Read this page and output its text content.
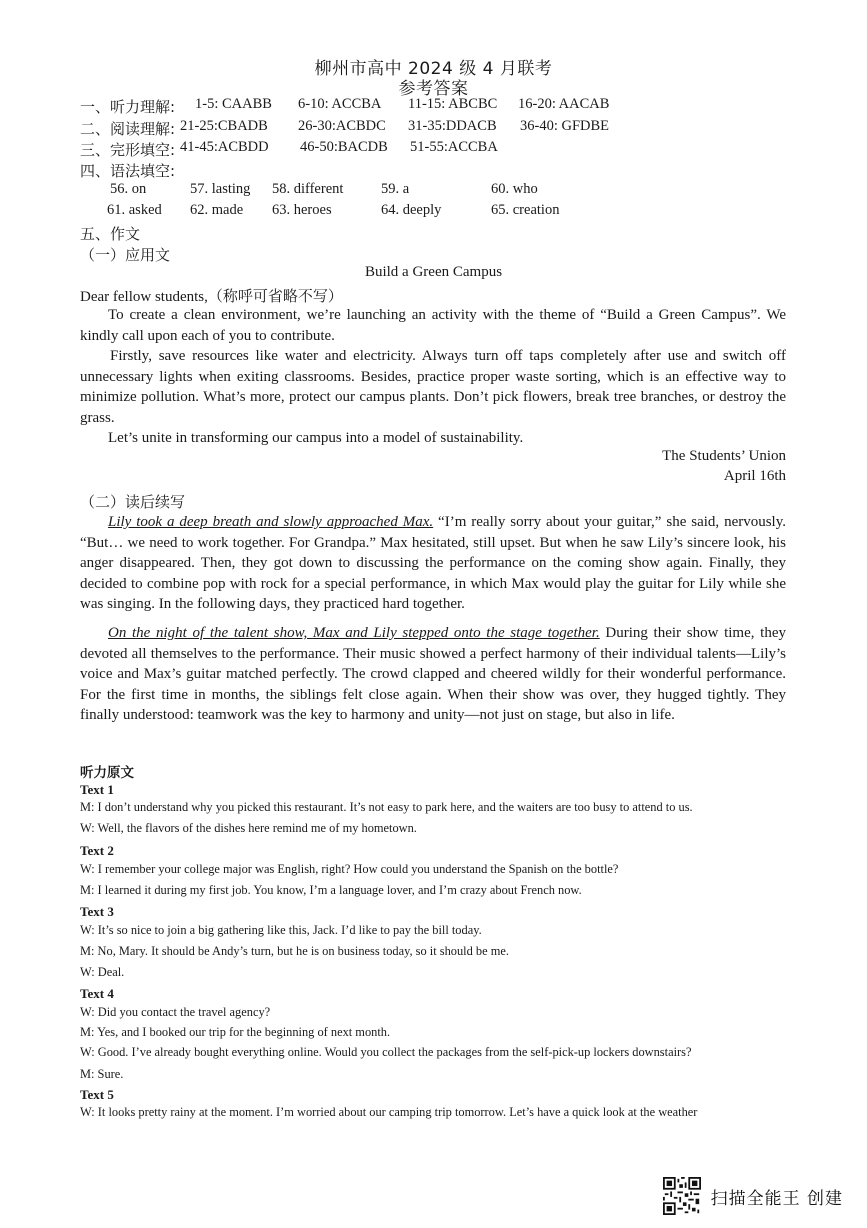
柳州市高中 2024 级 4 月联考
参考答案
一、听力理解: 1-5: CAABB 6-10: ACCBA 11-15: ABCBC 16-20: AACAB
二、阅读理解: 21-25:CBADB 26-30:ACBDC 31-35:DDACB 36-40: GFDBE
三、完形填空: 41-45:ACBDD 46-50:BACDB 51-55:ACCBA
四、语法填空:
56. on	57. lasting 58. different	59. a	60. who
61. asked 62. made 63. heroes	64. deeply	65. creation
五、作文
（一）应用文
Build a Green Campus
Dear fellow students,（称呼可省略不写）
To create a clean environment, we’re launching an activity with the theme of “Build a Green Campus”. We kindly call upon each of you to contribute.
Firstly, save resources like water and electricity. Always turn off taps completely after use and switch off unnecessary lights when exiting classrooms. Besides, practice proper waste sorting, which is an effective way to minimize pollution. What’s more, protect our campus plants. Don’t pick flowers, break tree branches, or destroy the grass.
Let’s unite in transforming our campus into a model of sustainability.
The Students’ Union
April 16th
（二）读后续写
Lily took a deep breath and slowly approached Max. “I’m really sorry about your guitar,” she said, nervously. “But… we need to work together. For Grandpa.” Max hesitated, still upset. But when he saw Lily’s sincere look, his anger disappeared. Then, they got down to discussing the performance on the coming show again. Finally, they decided to combine pop with rock for a special performance, in which Max would play the guitar for Lily while she was singing. In the following days, they practiced hard together.
On the night of the talent show, Max and Lily stepped onto the stage together. During their show time, they devoted all themselves to the performance. Their music showed a perfect harmony of their individual talents—Lily’s voice and Max’s guitar matched perfectly. The crowd clapped and cheered wildly for their wonderful performance. For the first time in months, the siblings felt close again. When their show was over, they hugged tightly. They finally understood: teamwork was the key to harmony and unity—not just on stage, but also in life.
听力原文
Text 1
M: I don’t understand why you picked this restaurant. It’s not easy to park here, and the waiters are too busy to attend to us.
W: Well, the flavors of the dishes here remind me of my hometown.
Text 2
W: I remember your college major was English, right? How could you understand the Spanish on the bottle?
M: I learned it during my first job. You know, I’m a language lover, and I’m crazy about French now.
Text 3
W: It’s so nice to join a big gathering like this, Jack. I’d like to pay the bill today.
M: No, Mary. It should be Andy’s turn, but he is on business today, so it should be me.
W: Deal.
Text 4
W: Did you contact the travel agency?
M: Yes, and I booked our trip for the beginning of next month.
W: Good. I’ve already bought everything online. Would you collect the packages from the self-pick-up lockers downstairs?
M: Sure.
Text 5
W: It looks pretty rainy at the moment. I’m worried about our camping trip tomorrow. Let’s have a quick look at the weather
扫描全能王 创建
